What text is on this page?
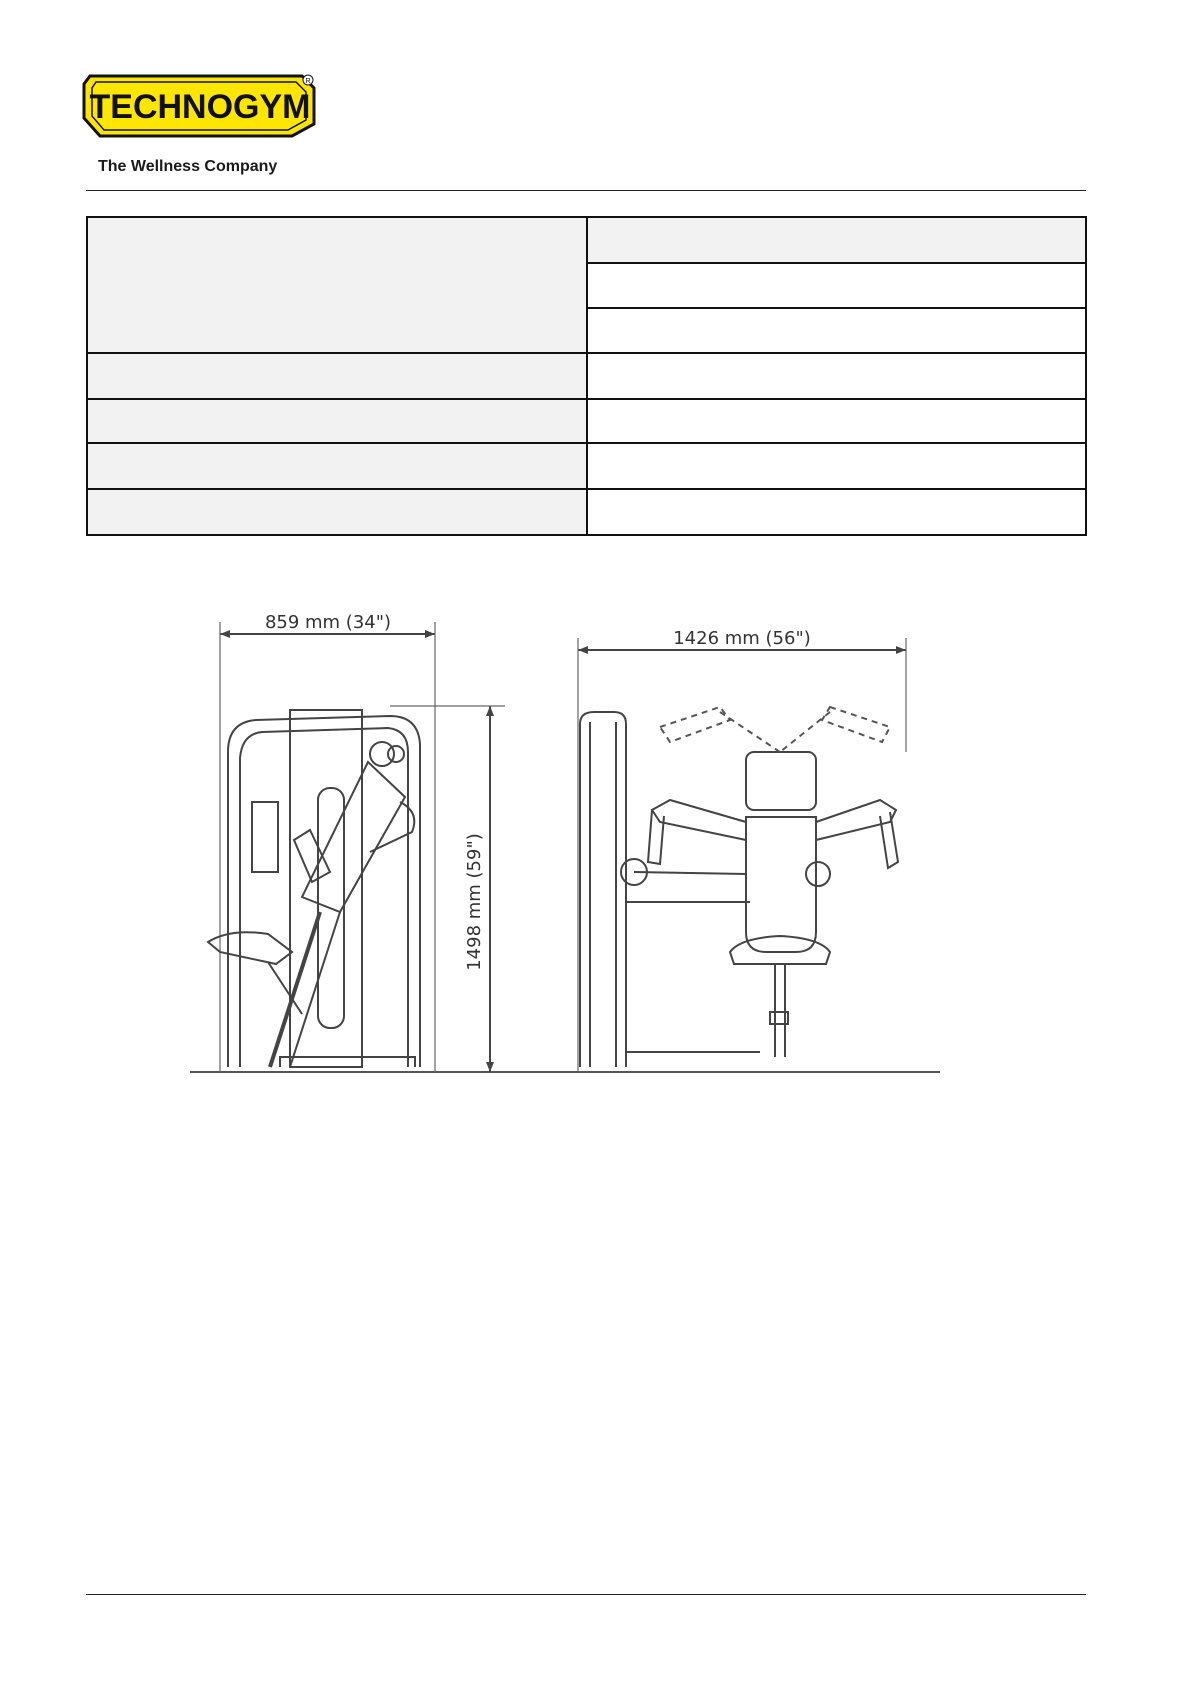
TECHNOGYM
R
The Wellness Company

859 mm (34")
1498 mm (59")
1426 mm (56")
